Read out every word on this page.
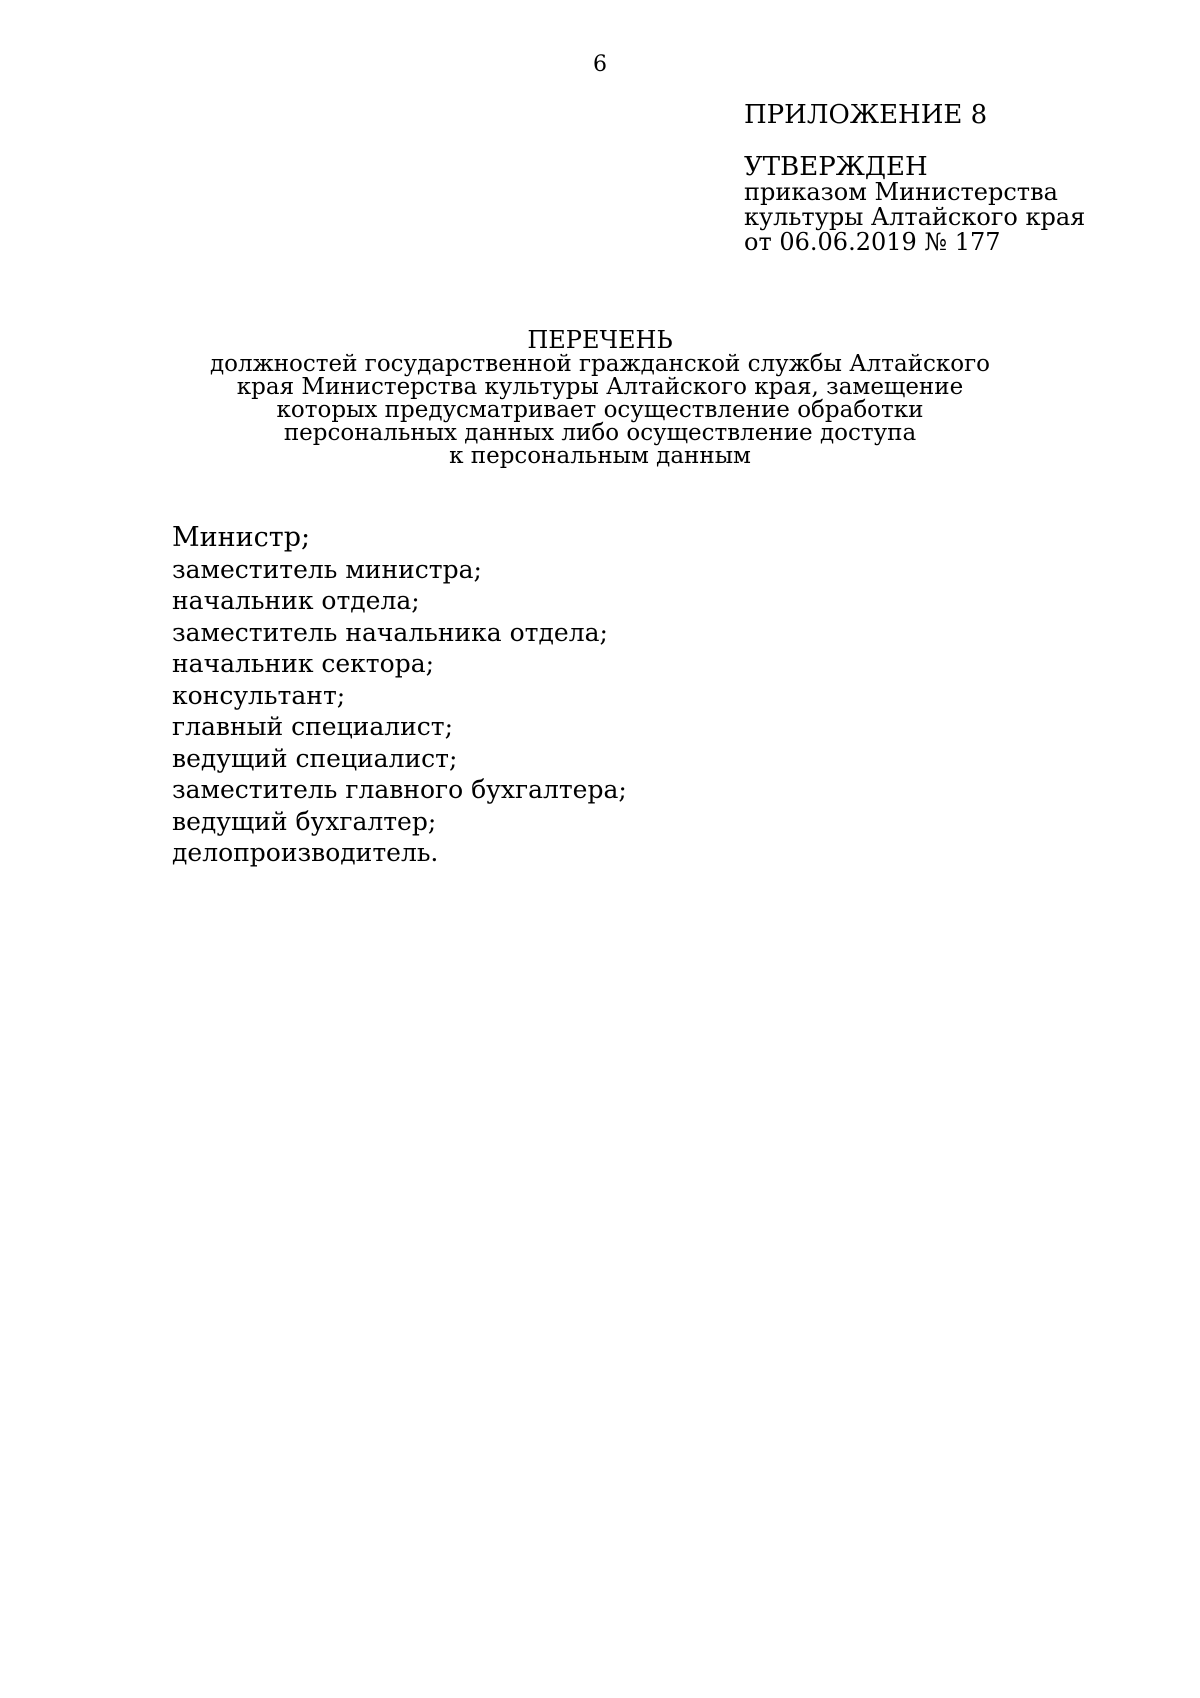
6
ПРИЛОЖЕНИЕ 8
УТВЕРЖДЕН
приказом Министерства
культуры Алтайского края
от 06.06.2019 № 177
ПЕРЕЧЕНЬ
должностей государственной гражданской службы Алтайского
края Министерства культуры Алтайского края, замещение
которых предусматривает осуществление обработки
персональных данных либо осуществление доступа
к персональным данным
Министр;
заместитель министра;
начальник отдела;
заместитель начальника отдела;
начальник сектора;
консультант;
главный специалист;
ведущий специалист;
заместитель главного бухгалтера;
ведущий бухгалтер;
делопроизводитель.
